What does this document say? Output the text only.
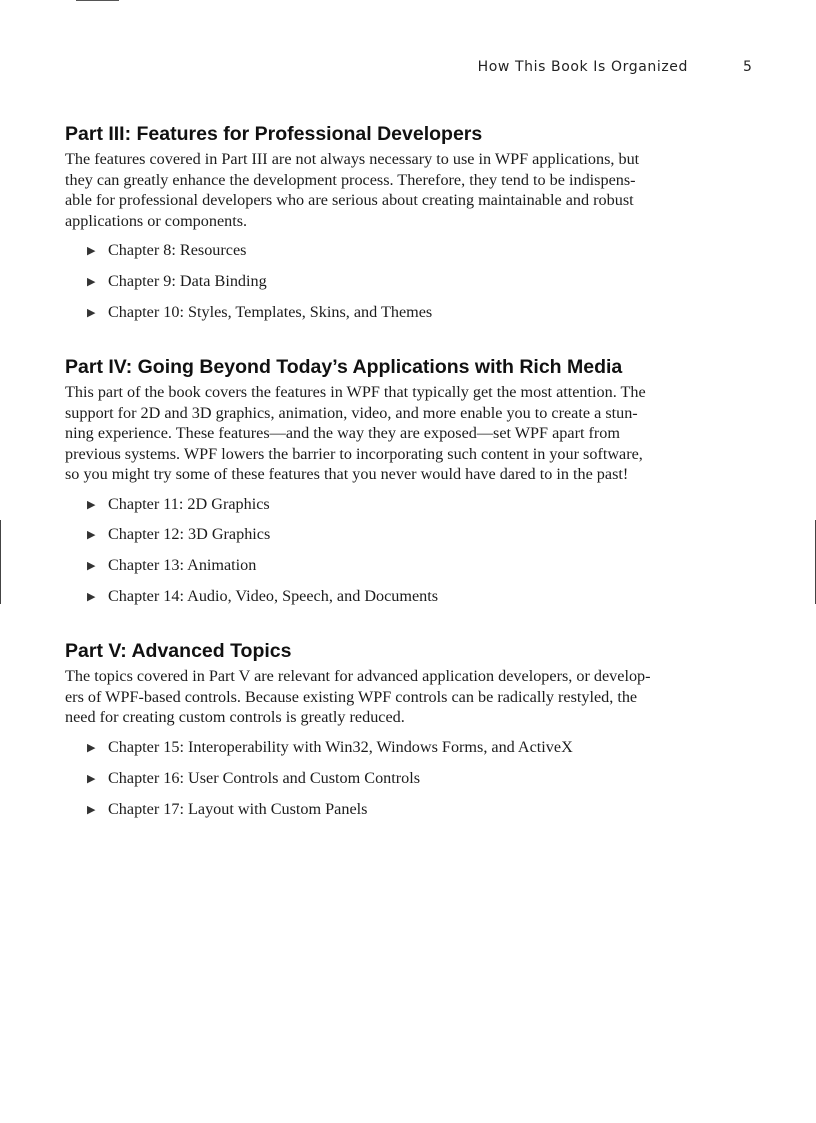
How This Book Is Organized	5
Part III: Features for Professional Developers

The features covered in Part III are not always necessary to use in WPF applications, but
they can greatly enhance the development process. Therefore, they tend to be indispens-
able for professional developers who are serious about creating maintainable and robust
applications or components.

▶ Chapter 8: Resources
▶ Chapter 9: Data Binding
▶ Chapter 10: Styles, Templates, Skins, and Themes
Part IV: Going Beyond Today’s Applications with Rich Media

This part of the book covers the features in WPF that typically get the most attention. The
support for 2D and 3D graphics, animation, video, and more enable you to create a stun-
ning experience. These features—and the way they are exposed—set WPF apart from
previous systems. WPF lowers the barrier to incorporating such content in your software,
so you might try some of these features that you never would have dared to in the past!

▶ Chapter 11: 2D Graphics
▶ Chapter 12: 3D Graphics
▶ Chapter 13: Animation
▶ Chapter 14: Audio, Video, Speech, and Documents
Part V: Advanced Topics

The topics covered in Part V are relevant for advanced application developers, or develop-
ers of WPF-based controls. Because existing WPF controls can be radically restyled, the
need for creating custom controls is greatly reduced.

▶ Chapter 15: Interoperability with Win32, Windows Forms, and ActiveX
▶ Chapter 16: User Controls and Custom Controls
▶ Chapter 17: Layout with Custom Panels
